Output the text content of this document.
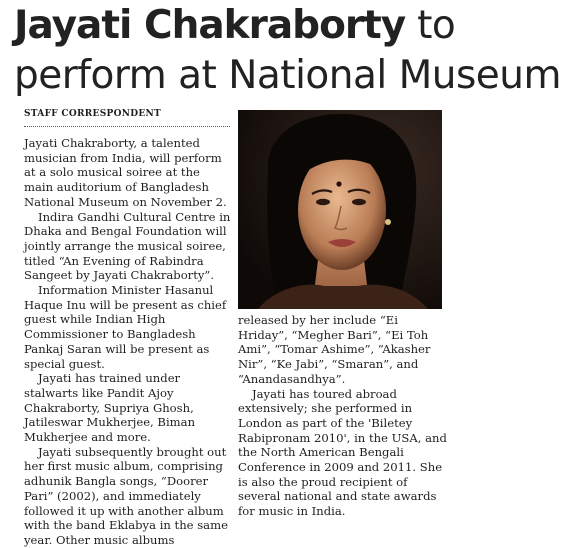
Jayati Chakraborty to
perform at National Museum
STAFF CORRESPONDENT

Jayati Chakraborty, a talented musician from India, will perform at a solo musical soiree at the main auditorium of Bangladesh National Museum on November 2.

Indira Gandhi Cultural Centre in Dhaka and Bengal Foundation will jointly arrange the musical soiree, titled “An Evening of Rabindra Sangeet by Jayati Chakraborty”.

Information Minister Hasanul Haque Inu will be present as chief guest while Indian High Commissioner to Bangladesh Pankaj Saran will be present as special guest.

Jayati has trained under stalwarts like Pandit Ajoy Chakraborty, Supriya Ghosh, Jatileswar Mukherjee, Biman Mukherjee and more.

Jayati subsequently brought out her first music album, comprising adhunik Bangla songs, “Doorer Pari” (2002), and immediately followed it up with another album with the band Eklabya in the same year. Other music albums

released by her include “Ei Hriday”, “Megher Bari”, “Ei Toh Ami”, “Tomar Ashime”, “Akasher Nir”, “Ke Jabi”, “Smaran”, and “Anandasandhya”.

Jayati has toured abroad extensively; she performed in London as part of the 'Biletey Rabipronam 2010', in the USA, and the North American Bengali Conference in 2009 and 2011. She is also the proud recipient of several national and state awards for music in India.
